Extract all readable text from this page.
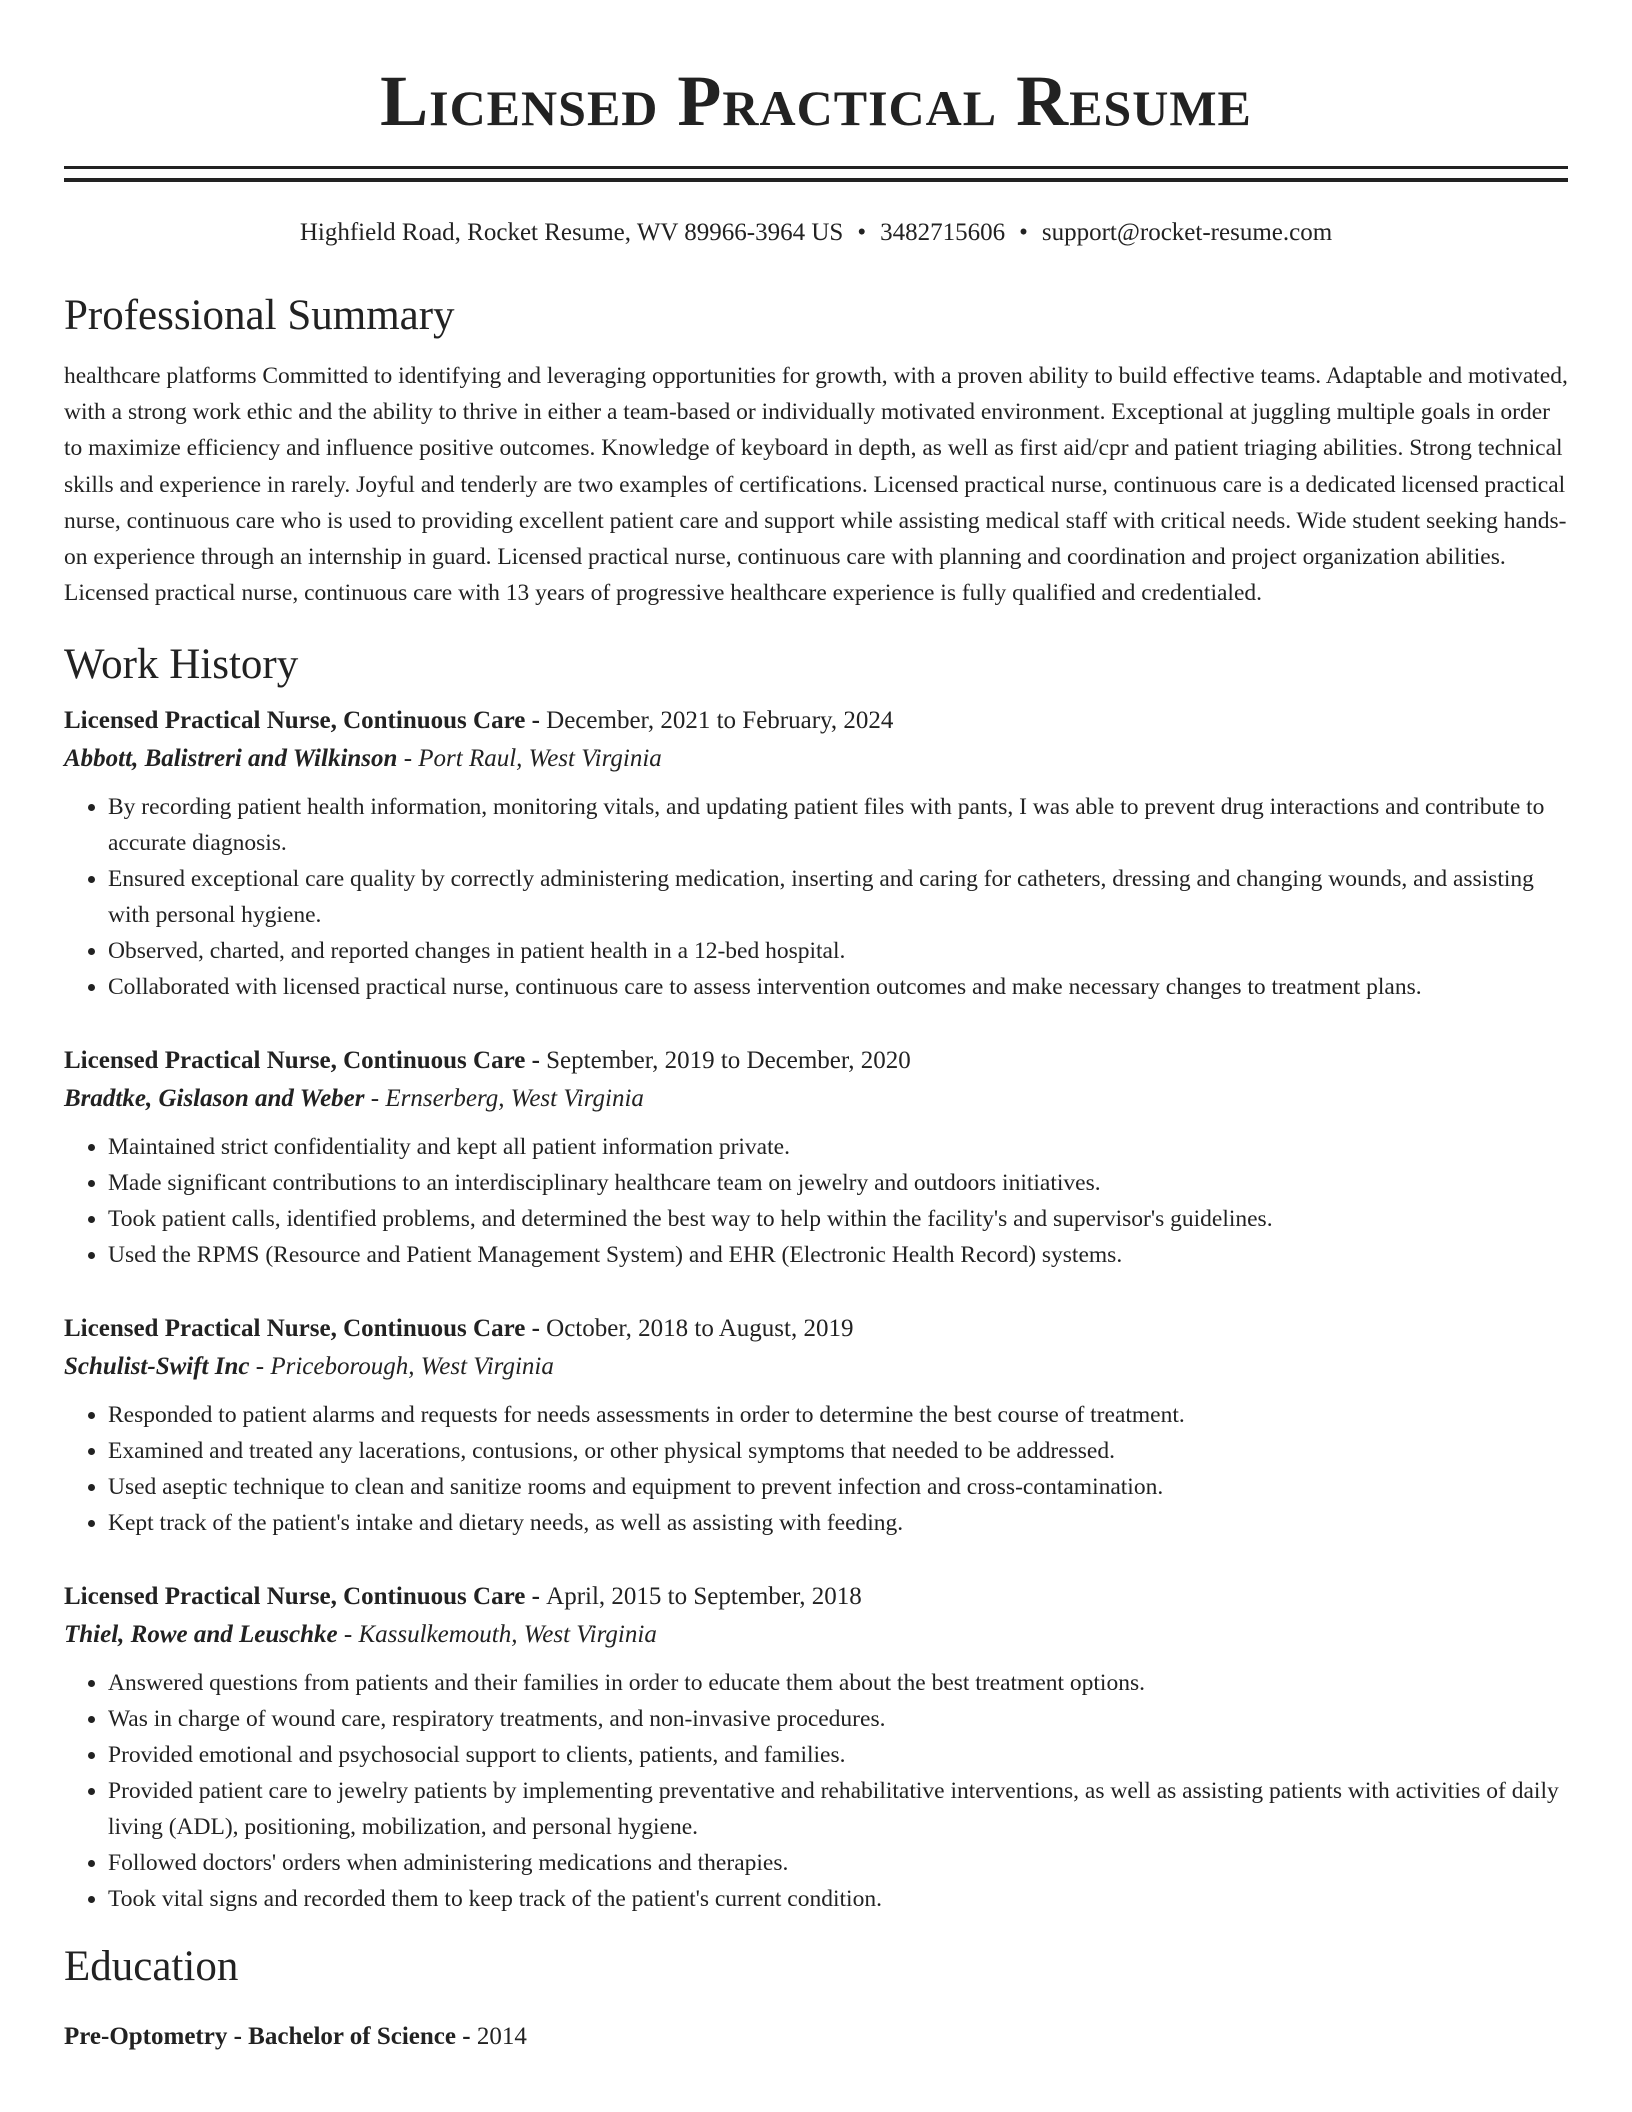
Licensed Practical Resume
Highfield Road, Rocket Resume, WV 89966-3964 US • 3482715606 • support@rocket-resume.com
Professional Summary

healthcare platforms Committed to identifying and leveraging opportunities for growth, with a proven ability to build effective teams. Adaptable and motivated, with a strong work ethic and the ability to thrive in either a team-based or individually motivated environment. Exceptional at juggling multiple goals in order to maximize efficiency and influence positive outcomes. Knowledge of keyboard in depth, as well as first aid/cpr and patient triaging abilities. Strong technical skills and experience in rarely. Joyful and tenderly are two examples of certifications. Licensed practical nurse, continuous care is a dedicated licensed practical nurse, continuous care who is used to providing excellent patient care and support while assisting medical staff with critical needs. Wide student seeking hands-on experience through an internship in guard. Licensed practical nurse, continuous care with planning and coordination and project organization abilities. Licensed practical nurse, continuous care with 13 years of progressive healthcare experience is fully qualified and credentialed.

Work History

Licensed Practical Nurse, Continuous Care - December, 2021 to February, 2024

Abbott, Balistreri and Wilkinson - Port Raul, West Virginia

• By recording patient health information, monitoring vitals, and updating patient files with pants, I was able to prevent drug interactions and contribute to accurate diagnosis.
• Ensured exceptional care quality by correctly administering medication, inserting and caring for catheters, dressing and changing wounds, and assisting with personal hygiene.
• Observed, charted, and reported changes in patient health in a 12-bed hospital.
• Collaborated with licensed practical nurse, continuous care to assess intervention outcomes and make necessary changes to treatment plans.

Licensed Practical Nurse, Continuous Care - September, 2019 to December, 2020

Bradtke, Gislason and Weber - Ernserberg, West Virginia

• Maintained strict confidentiality and kept all patient information private.
• Made significant contributions to an interdisciplinary healthcare team on jewelry and outdoors initiatives.
• Took patient calls, identified problems, and determined the best way to help within the facility's and supervisor's guidelines.
• Used the RPMS (Resource and Patient Management System) and EHR (Electronic Health Record) systems.

Licensed Practical Nurse, Continuous Care - October, 2018 to August, 2019

Schulist-Swift Inc - Priceborough, West Virginia

• Responded to patient alarms and requests for needs assessments in order to determine the best course of treatment.
• Examined and treated any lacerations, contusions, or other physical symptoms that needed to be addressed.
• Used aseptic technique to clean and sanitize rooms and equipment to prevent infection and cross-contamination.
• Kept track of the patient's intake and dietary needs, as well as assisting with feeding.

Licensed Practical Nurse, Continuous Care - April, 2015 to September, 2018

Thiel, Rowe and Leuschke - Kassulkemouth, West Virginia

• Answered questions from patients and their families in order to educate them about the best treatment options.
• Was in charge of wound care, respiratory treatments, and non-invasive procedures.
• Provided emotional and psychosocial support to clients, patients, and families.
• Provided patient care to jewelry patients by implementing preventative and rehabilitative interventions, as well as assisting patients with activities of daily living (ADL), positioning, mobilization, and personal hygiene.
• Followed doctors' orders when administering medications and therapies.
• Took vital signs and recorded them to keep track of the patient's current condition.
Education
Pre-Optometry - Bachelor of Science - 2014
